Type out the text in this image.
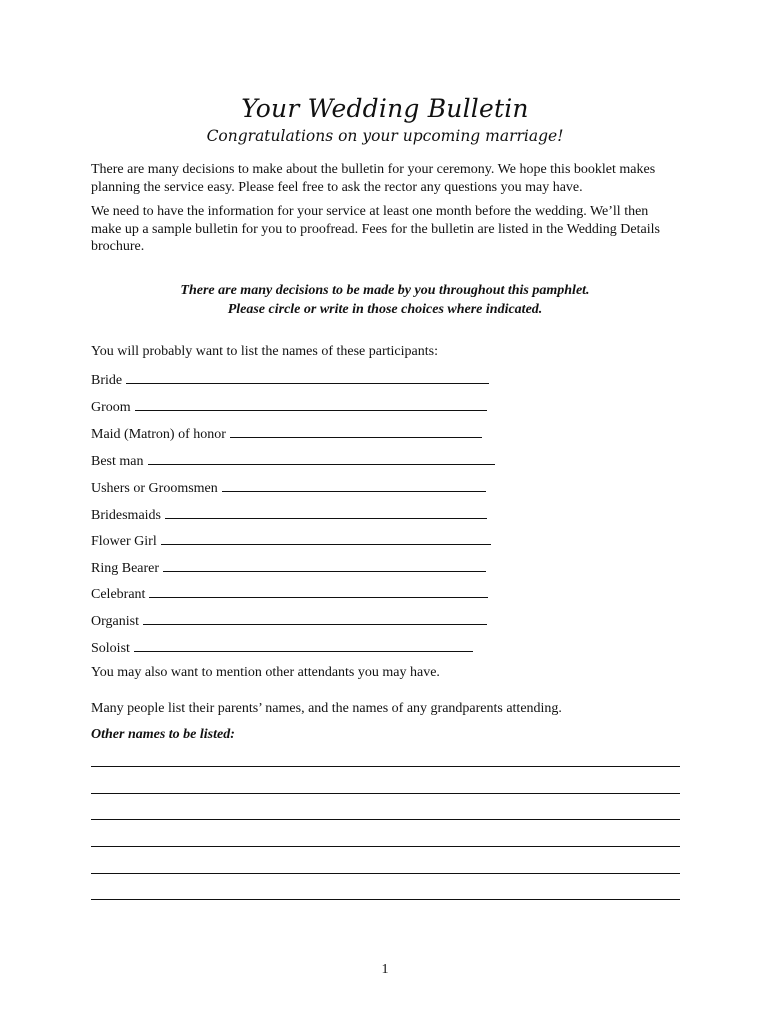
Your Wedding Bulletin
Congratulations on your upcoming marriage!
There are many decisions to make about the bulletin for your ceremony. We hope this booklet makes planning the service easy. Please feel free to ask the rector any questions you may have.
We need to have the information for your service at least one month before the wedding. We’ll then make up a sample bulletin for you to proofread. Fees for the bulletin are listed in the Wedding Details brochure.
There are many decisions to be made by you throughout this pamphlet.
Please circle or write in those choices where indicated.
You will probably want to list the names of these participants:
Bride
Groom
Maid (Matron) of honor
Best man
Ushers or Groomsmen
Bridesmaids
Flower Girl
Ring Bearer
Celebrant
Organist
Soloist
You may also want to mention other attendants you may have.
Many people list their parents’ names, and the names of any grandparents attending.
Other names to be listed:
1
